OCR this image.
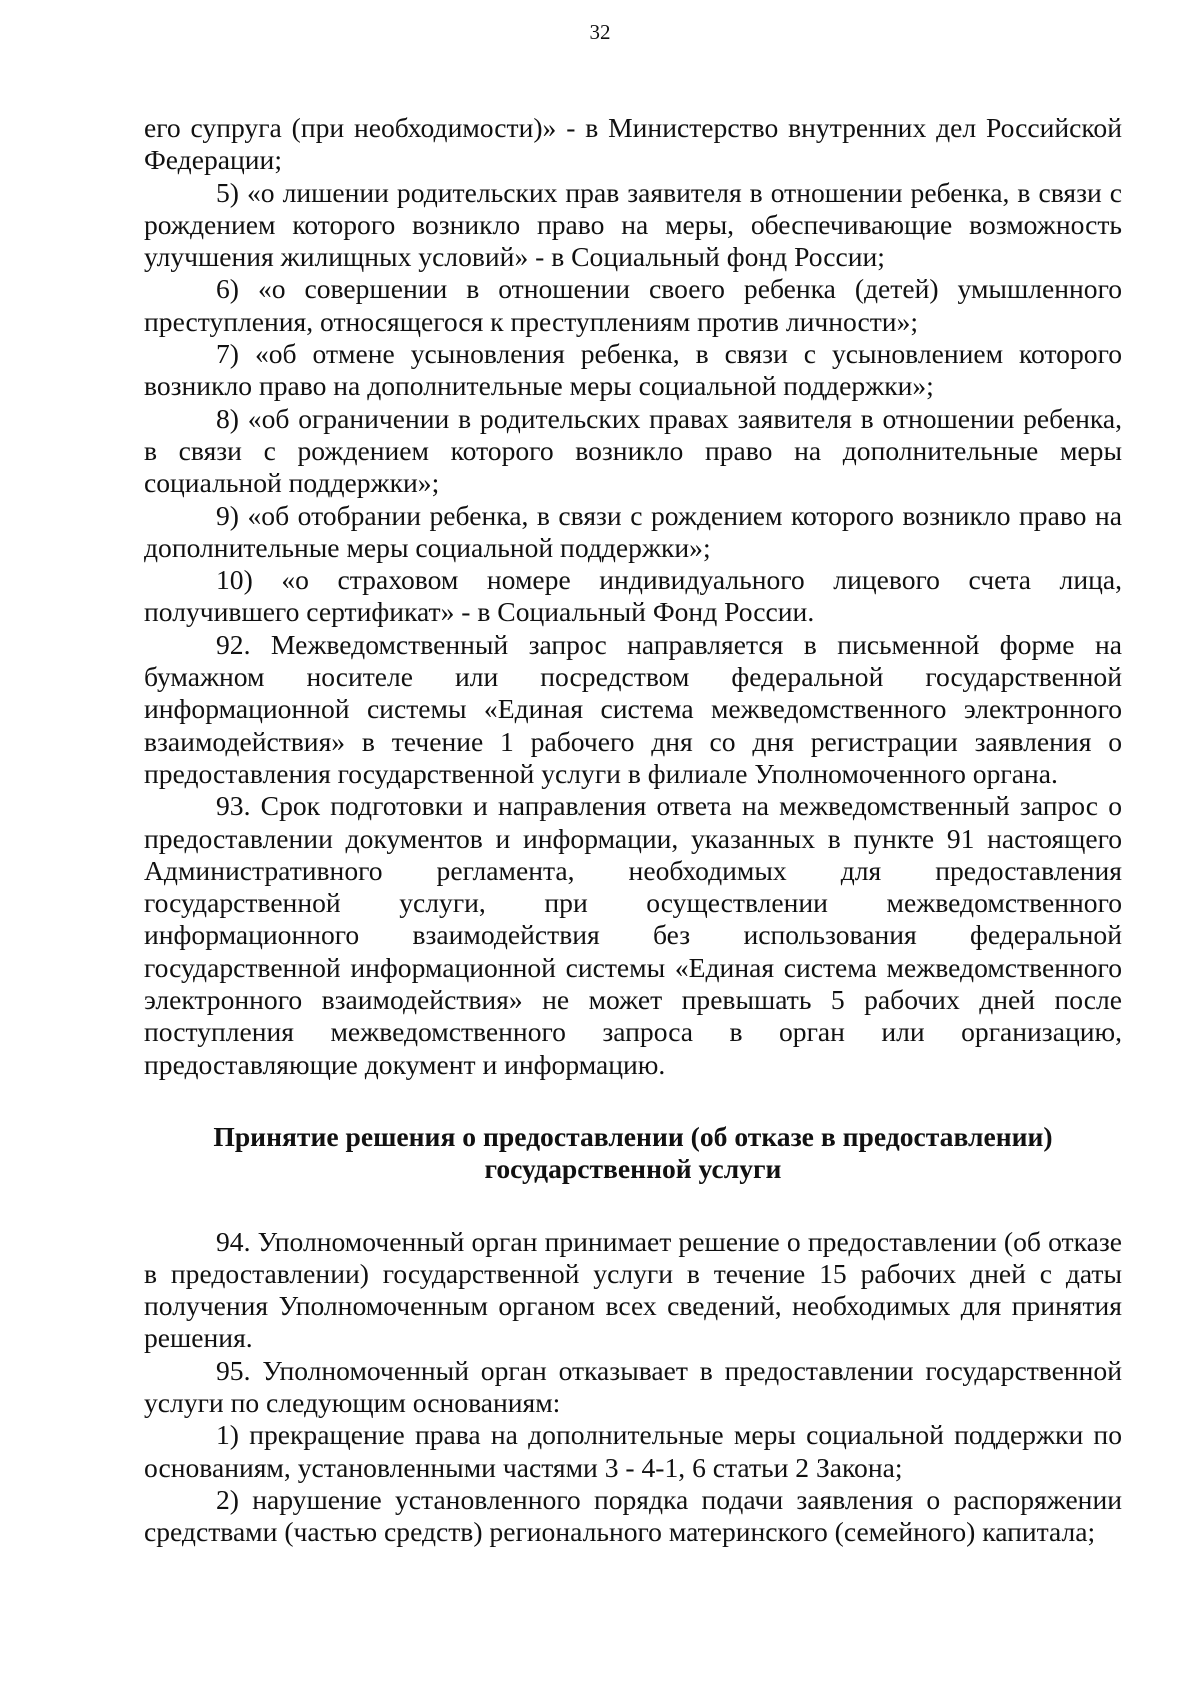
32

его супруга (при необходимости)» - в Министерство внутренних дел Российской Федерации;

5) «о лишении родительских прав заявителя в отношении ребенка, в связи с рождением которого возникло право на меры, обеспечивающие возможность улучшения жилищных условий» - в Социальный фонд России;

6) «о совершении в отношении своего ребенка (детей) умышленного преступления, относящегося к преступлениям против личности»;

7) «об отмене усыновления ребенка, в связи с усыновлением которого возникло право на дополнительные меры социальной поддержки»;

8) «об ограничении в родительских правах заявителя в отношении ребенка, в связи с рождением которого возникло право на дополнительные меры социальной поддержки»;

9) «об отобрании ребенка, в связи с рождением которого возникло право на дополнительные меры социальной поддержки»;

10) «о страховом номере индивидуального лицевого счета лица, получившего сертификат» - в Социальный Фонд России.

92. Межведомственный запрос направляется в письменной форме на бумажном носителе или посредством федеральной государственной информационной системы «Единая система межведомственного электронного взаимодействия» в течение 1 рабочего дня со дня регистрации заявления о предоставления государственной услуги в филиале Уполномоченного органа.

93. Срок подготовки и направления ответа на межведомственный запрос о предоставлении документов и информации, указанных в пункте 91 настоящего Административного регламента, необходимых для предоставления государственной услуги, при осуществлении межведомственного информационного взаимодействия без использования федеральной государственной информационной системы «Единая система межведомственного электронного взаимодействия» не может превышать 5 рабочих дней после поступления межведомственного запроса в орган или организацию, предоставляющие документ и информацию.

Принятие решения о предоставлении (об отказе в предоставлении)
государственной услуги

94. Уполномоченный орган принимает решение о предоставлении (об отказе в предоставлении) государственной услуги в течение 15 рабочих дней с даты получения Уполномоченным органом всех сведений, необходимых для принятия решения.

95. Уполномоченный орган отказывает в предоставлении государственной услуги по следующим основаниям:

1) прекращение права на дополнительные меры социальной поддержки по основаниям, установленными частями 3 - 4-1, 6 статьи 2 Закона;

2) нарушение установленного порядка подачи заявления о распоряжении средствами (частью средств) регионального материнского (семейного) капитала;
